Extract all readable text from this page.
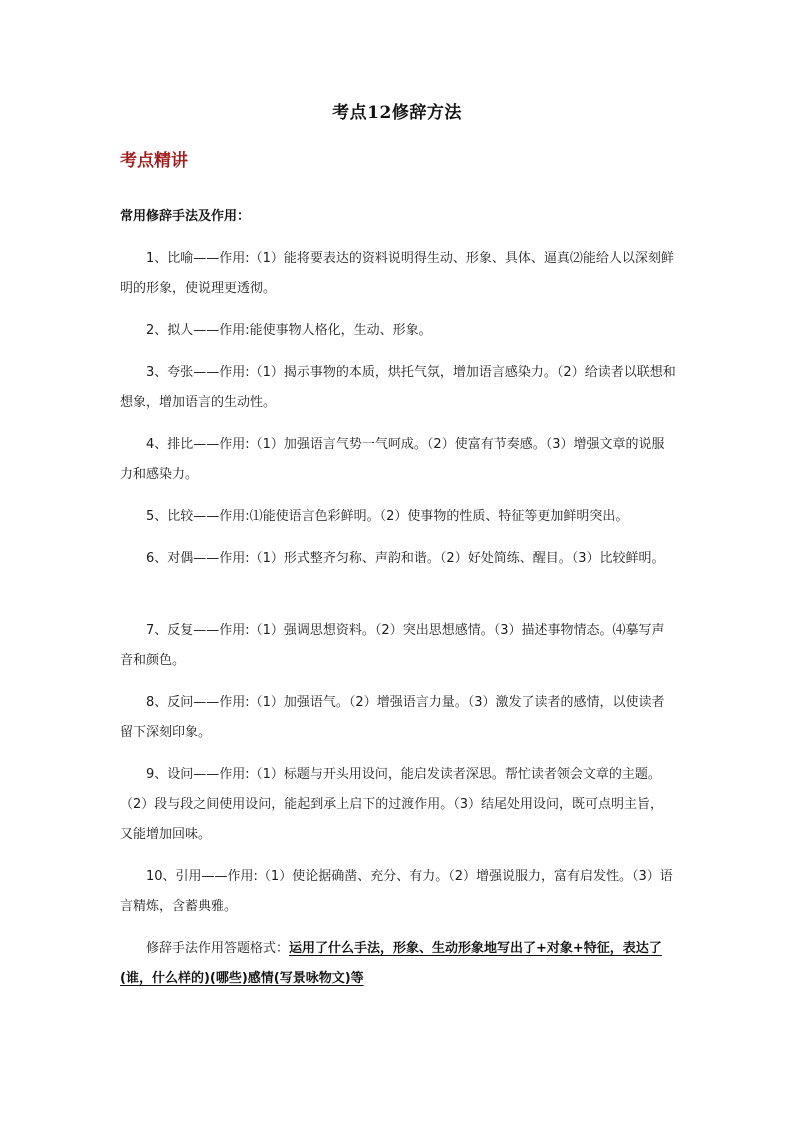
考点12修辞方法
考点精讲
常用修辞手法及作用：

1、比喻——作用:（1）能将要表达的资料说明得生动、形象、具体、逼真⑵能给人以深刻鲜明的形象，使说理更透彻。

2、拟人——作用:能使事物人格化，生动、形象。

3、夸张——作用:（1）揭示事物的本质，烘托气氛，增加语言感染力。（2）给读者以联想和想象，增加语言的生动性。

4、排比——作用:（1）加强语言气势一气呵成。（2）使富有节奏感。（3）增强文章的说服力和感染力。

5、比较——作用:⑴能使语言色彩鲜明。（2）使事物的性质、特征等更加鲜明突出。

6、对偶——作用:（1）形式整齐匀称、声韵和谐。（2）好处简练、醒目。（3）比较鲜明。

7、反复——作用:（1）强调思想资料。（2）突出思想感情。（3）描述事物情态。⑷摹写声音和颜色。

8、反问——作用:（1）加强语气。（2）增强语言力量。（3）激发了读者的感情，以使读者留下深刻印象。

9、设问——作用:（1）标题与开头用设问，能启发读者深思。帮忙读者领会文章的主题。（2）段与段之间使用设问，能起到承上启下的过渡作用。（3）结尾处用设问，既可点明主旨，又能增加回味。

10、引用——作用:（1）使论据确凿、充分、有力。（2）增强说服力，富有启发性。（3）语言精炼，含蓄典雅。

修辞手法作用答题格式：运用了什么手法，形象、生动形象地写出了+对象+特征，表达了(谁，什么样的)(哪些)感情(写景咏物文)等
